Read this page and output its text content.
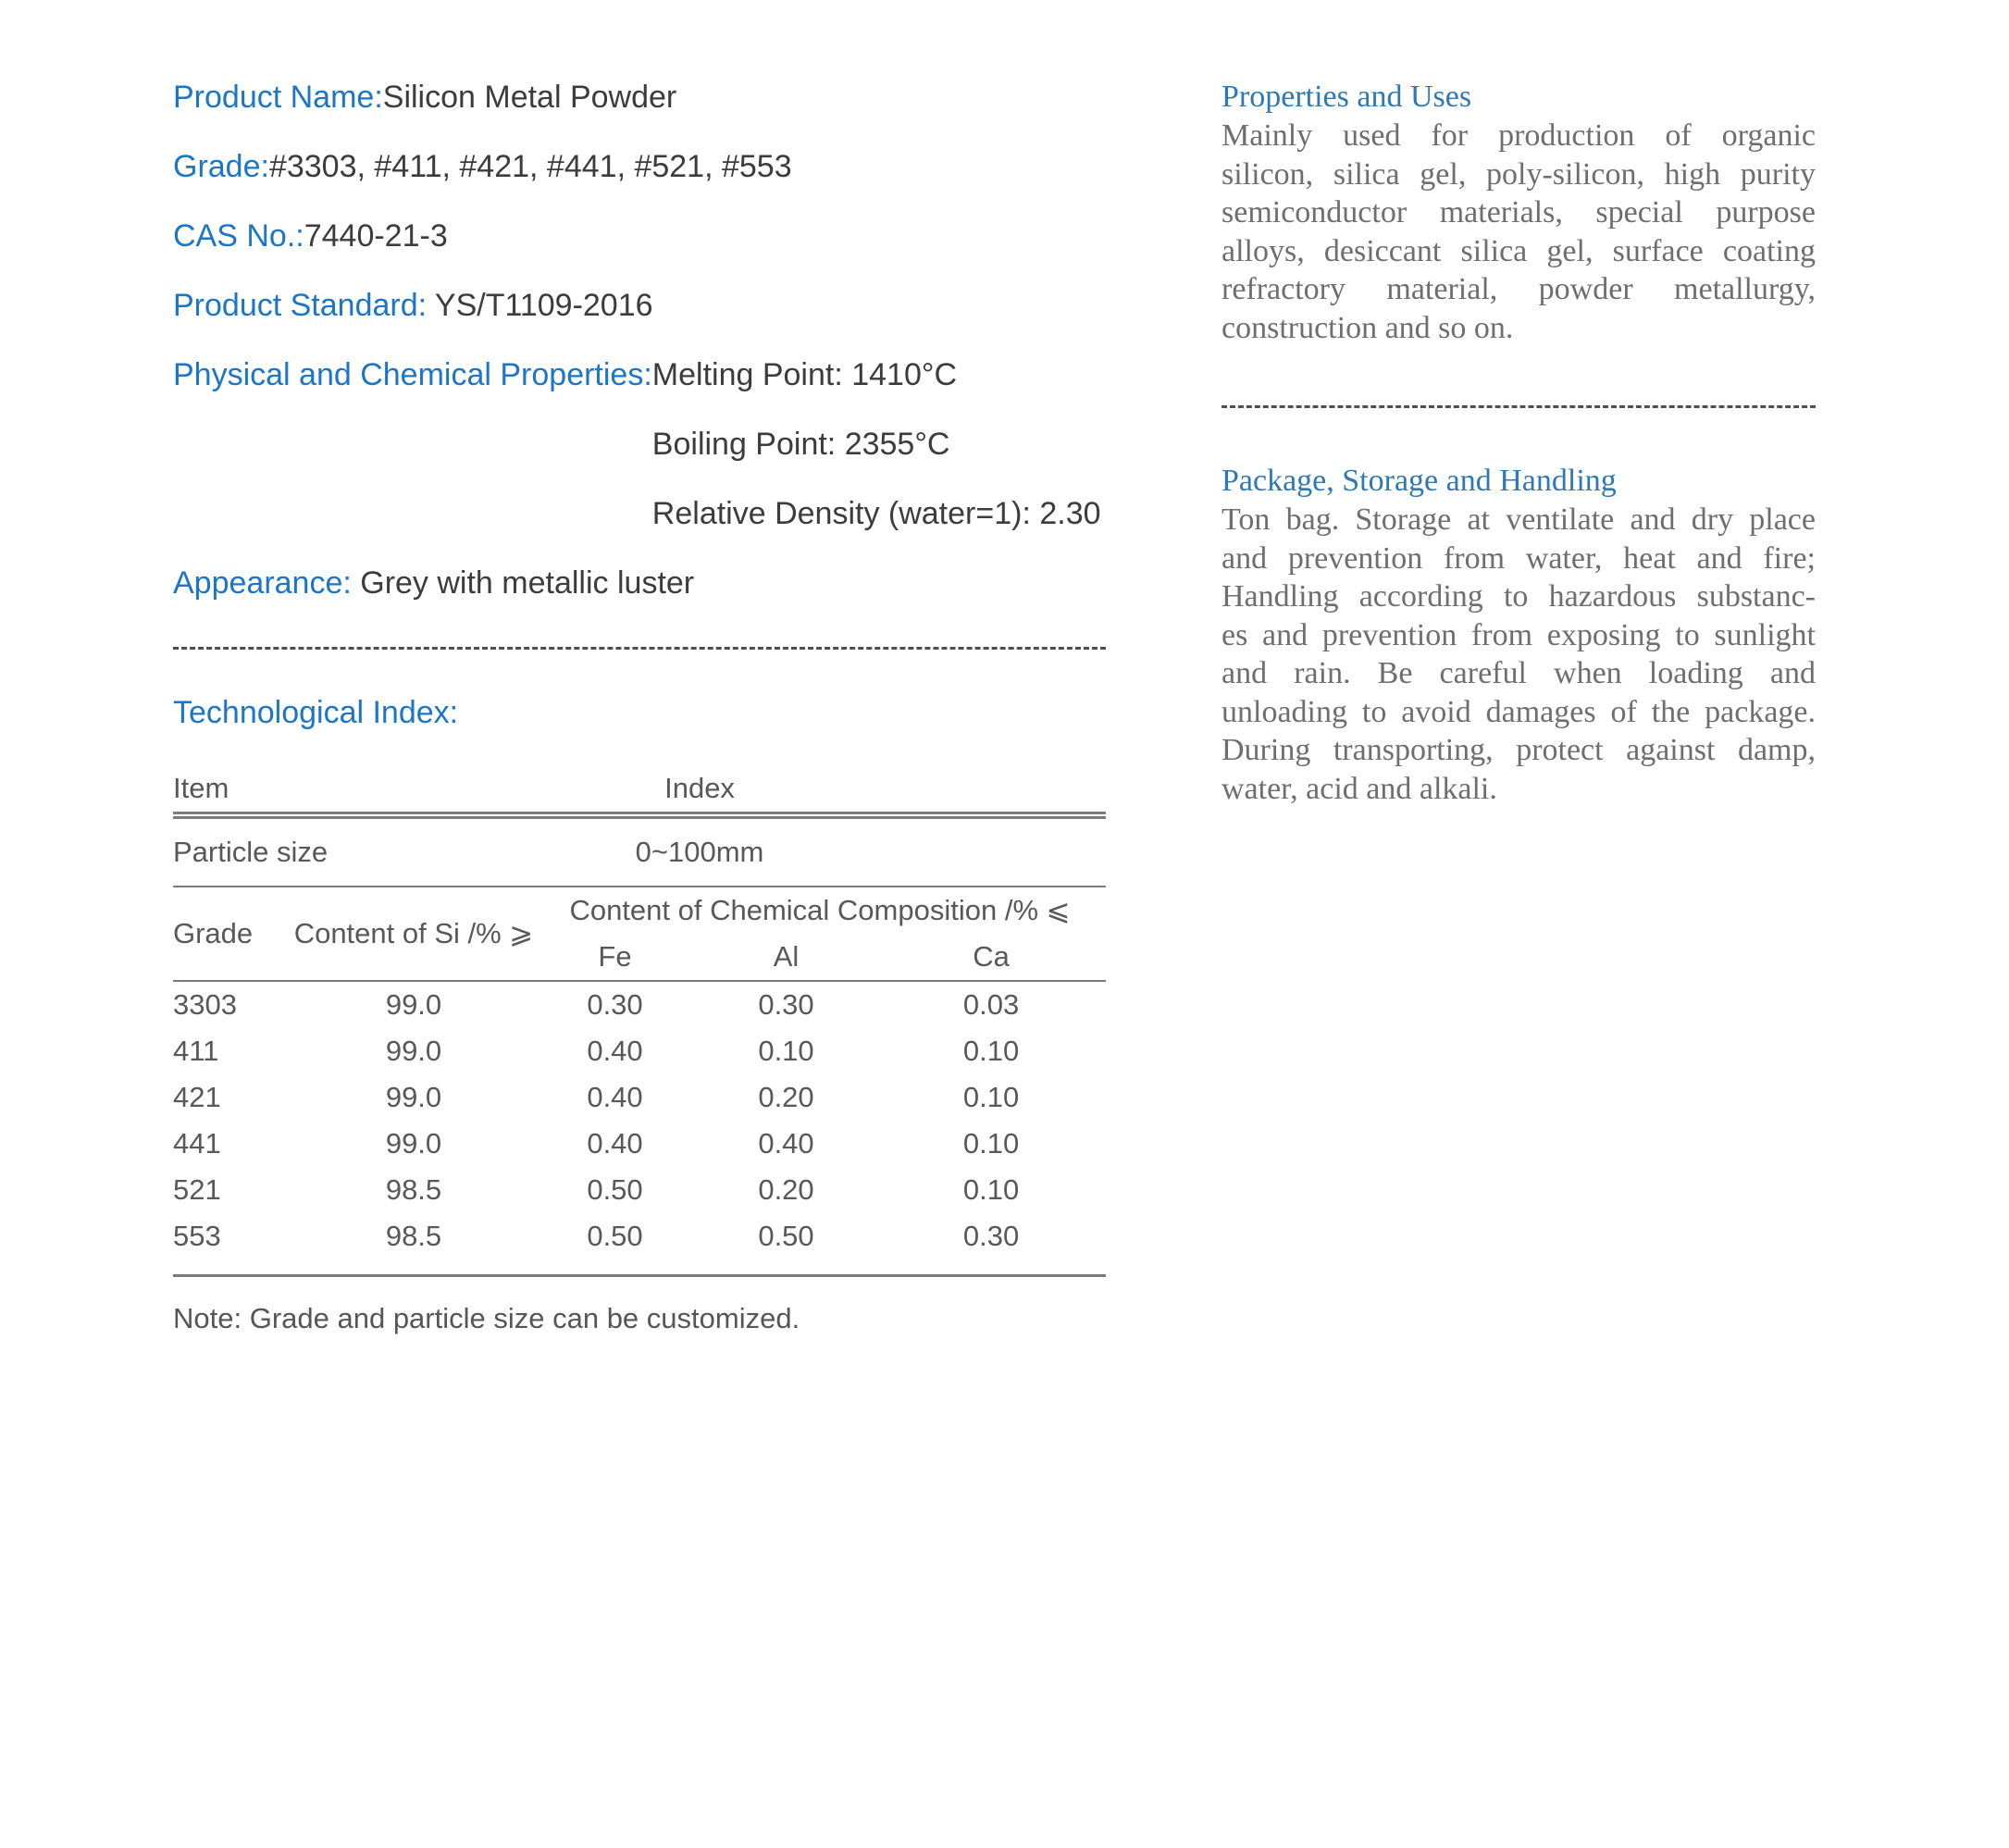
Product Name:Silicon Metal Powder
Grade:#3303, #411, #421, #441, #521, #553
CAS No.:7440-21-3
Product Standard: YS/T1109-2016
Physical and Chemical Properties:Melting Point: 1410°C
Boiling Point: 2355°C
Relative Density (water=1): 2.30
Appearance: Grey with metallic luster
Technological Index:
Item	Index			
Particle size	0~100mm			
Grade	Content of Si /% ⩾	Content of Chemical Composition /% ⩽		
		Fe	Al	Ca
3303	99.0	0.30	0.30	0.03
411	99.0	0.40	0.10	0.10
421	99.0	0.40	0.20	0.10
441	99.0	0.40	0.40	0.10
521	98.5	0.50	0.20	0.10
553	98.5	0.50	0.50	0.30
Note: Grade and particle size can be customized.
Properties and Uses
Mainly used for production of organic
silicon, silica gel, poly-silicon, high purity
semiconductor materials, special purpose
alloys, desiccant silica gel, surface coating
refractory material, powder metallurgy,
construction and so on.
Package, Storage and Handling
Ton bag. Storage at ventilate and dry place
and prevention from water, heat and fire;
Handling according to hazardous substanc-
es and prevention from exposing to sunlight
and rain. Be careful when loading and
unloading to avoid damages of the package.
During transporting, protect against damp,
water, acid and alkali.
